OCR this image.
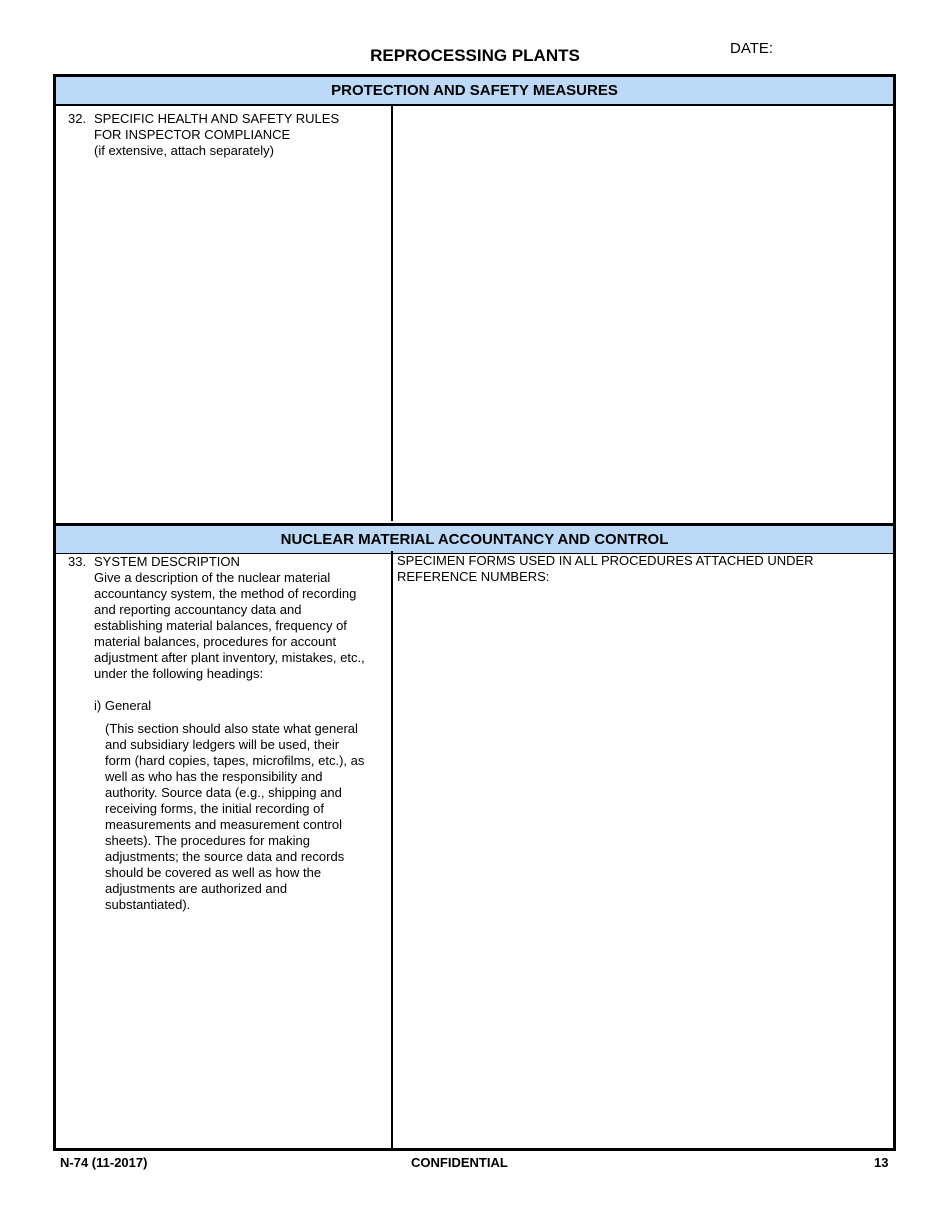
REPROCESSING PLANTS	DATE:
PROTECTION AND SAFETY MEASURES
32. SPECIFIC HEALTH AND SAFETY RULES
FOR INSPECTOR COMPLIANCE
(if extensive, attach separately)
NUCLEAR MATERIAL ACCOUNTANCY AND CONTROL
33. SYSTEM DESCRIPTION
Give a description of the nuclear material
accountancy system, the method of recording
and reporting accountancy data and
establishing material balances, frequency of
material balances, procedures for account
adjustment after plant inventory, mistakes, etc.,
under the following headings:
i) General
(This section should also state what general
and subsidiary ledgers will be used, their
form (hard copies, tapes, microfilms, etc.), as
well as who has the responsibility and
authority. Source data (e.g., shipping and
receiving forms, the initial recording of
measurements and measurement control
sheets). The procedures for making
adjustments; the source data and records
should be covered as well as how the
adjustments are authorized and
substantiated).
SPECIMEN FORMS USED IN ALL PROCEDURES ATTACHED UNDER
REFERENCE NUMBERS:
N-74 (11-2017)	CONFIDENTIAL	13
